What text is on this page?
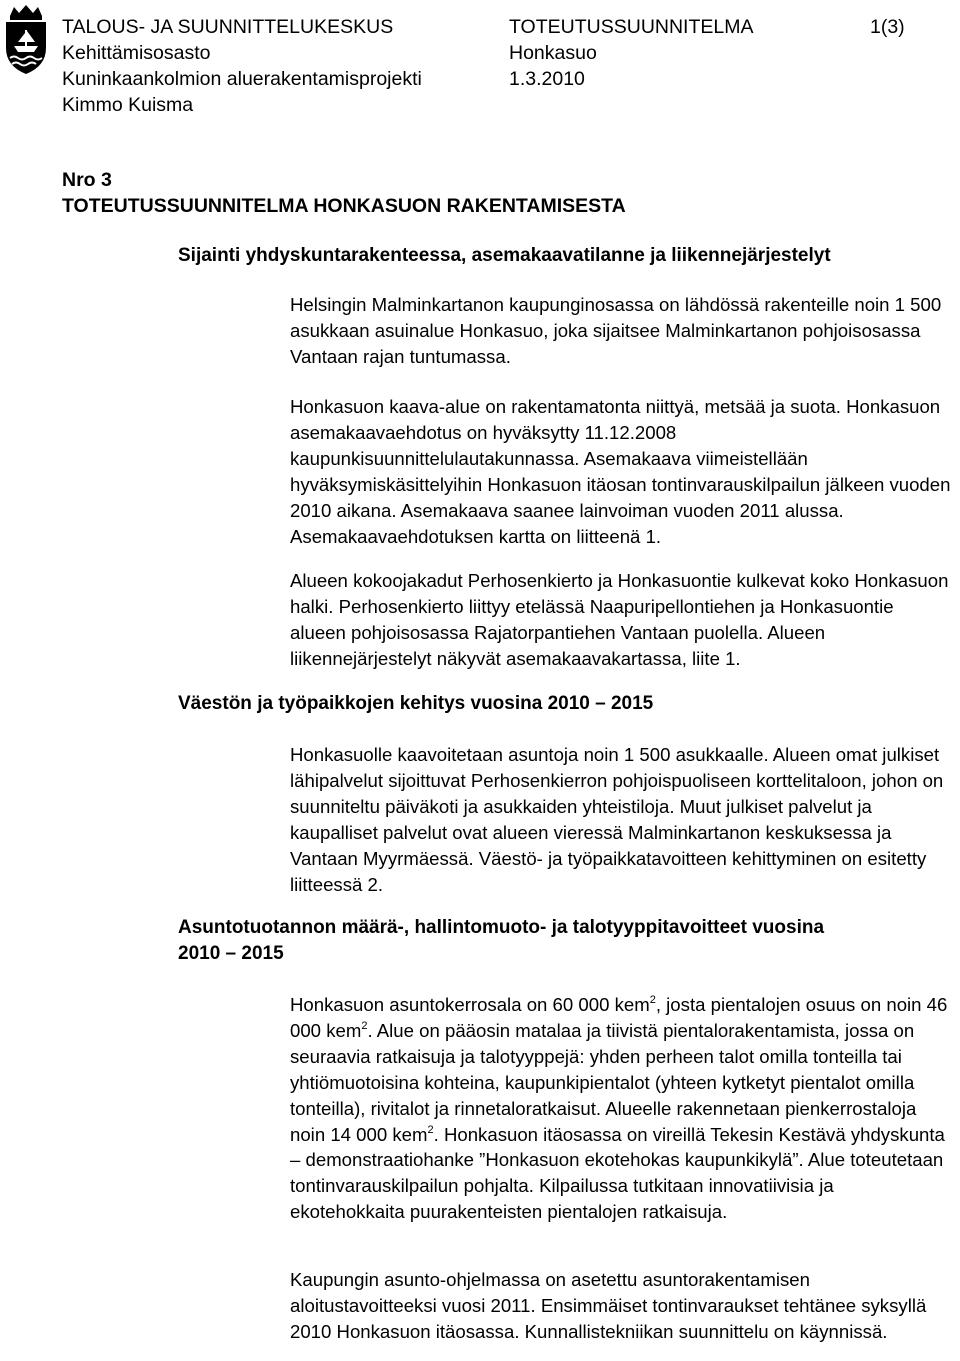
TALOUS- JA SUUNNITTELUKESKUS
Kehittämisosasto
Kuninkaankolmion aluerakentamisprojekti
Kimmo Kuisma
TOTEUTUSSUUNNITELMA
Honkasuo
1.3.2010
1(3)
Nro 3
TOTEUTUSSUUNNITELMA HONKASUON RAKENTAMISESTA
Sijainti yhdyskuntarakenteessa, asemakaavatilanne ja liikennejärjestelyt

Helsingin Malminkartanon kaupunginosassa on lähdössä rakenteille noin 1 500 asukkaan asuinalue Honkasuo, joka sijaitsee Malminkartanon pohjoisosassa Vantaan rajan tuntumassa.

Honkasuon kaava-alue on rakentamatonta niittyä, metsää ja suota. Honkasuon asemakaavaehdotus on hyväksytty 11.12.2008 kaupunkisuunnittelulautakunnassa. Asemakaava viimeistellään hyväksymiskäsittelyihin Honkasuon itäosan tontinvarauskilpailun jälkeen vuoden 2010 aikana. Asemakaava saanee lainvoiman vuoden 2011 alussa. Asemakaavaehdotuksen kartta on liitteenä 1.

Alueen kokoojakadut Perhosenkierto ja Honkasuontie kulkevat koko Honkasuon halki. Perhosenkierto liittyy etelässä Naapuripellontiehen ja Honkasuontie alueen pohjoisosassa Rajatorpantiehen Vantaan puolella. Alueen liikennejärjestelyt näkyvät asemakaavakartassa, liite 1.

Väestön ja työpaikkojen kehitys vuosina 2010 – 2015

Honkasuolle kaavoitetaan asuntoja noin 1 500 asukkaalle. Alueen omat julkiset lähipalvelut sijoittuvat Perhosenkierron pohjoispuoliseen korttelitaloon, johon on suunniteltu päiväkoti ja asukkaiden yhteistiloja. Muut julkiset palvelut ja kaupalliset palvelut ovat alueen vieressä Malminkartanon keskuksessa ja Vantaan Myyrmäessä. Väestö- ja työpaikkatavoitteen kehittyminen on esitetty liitteessä 2.

Asuntotuotannon määrä-, hallintomuoto- ja talotyyppitavoitteet vuosina
2010 – 2015

Honkasuon asuntokerrosala on 60 000 kem$^2$, josta pientalojen osuus on noin 46 000 kem$^2$. Alue on pääosin matalaa ja tiivistä pientalorakentamista, jossa on seuraavia ratkaisuja ja talotyyppejä: yhden perheen talot omilla tonteilla tai yhtiömuotoisina kohteina, kaupunkipientalot (yhteen kytketyt pientalot omilla tonteilla), rivitalot ja rinnetaloratkaisut. Alueelle rakennetaan pienkerrostaloja noin 14 000 kem$^2$. Honkasuon itäosassa on vireillä Tekesin Kestävä yhdyskunta – demonstraatiohanke ”Honkasuon ekotehokas kaupunkikylä”. Alue toteutetaan tontinvarauskilpailun pohjalta. Kilpailussa tutkitaan innovatiivisia ja ekotehokkaita puurakenteisten pientalojen ratkaisuja.

Kaupungin asunto-ohjelmassa on asetettu asuntorakentamisen aloitustavoitteeksi vuosi 2011. Ensimmäiset tontinvaraukset tehtänee syksyllä 2010 Honkasuon itäosassa. Kunnallistekniikan suunnittelu on käynnissä.
